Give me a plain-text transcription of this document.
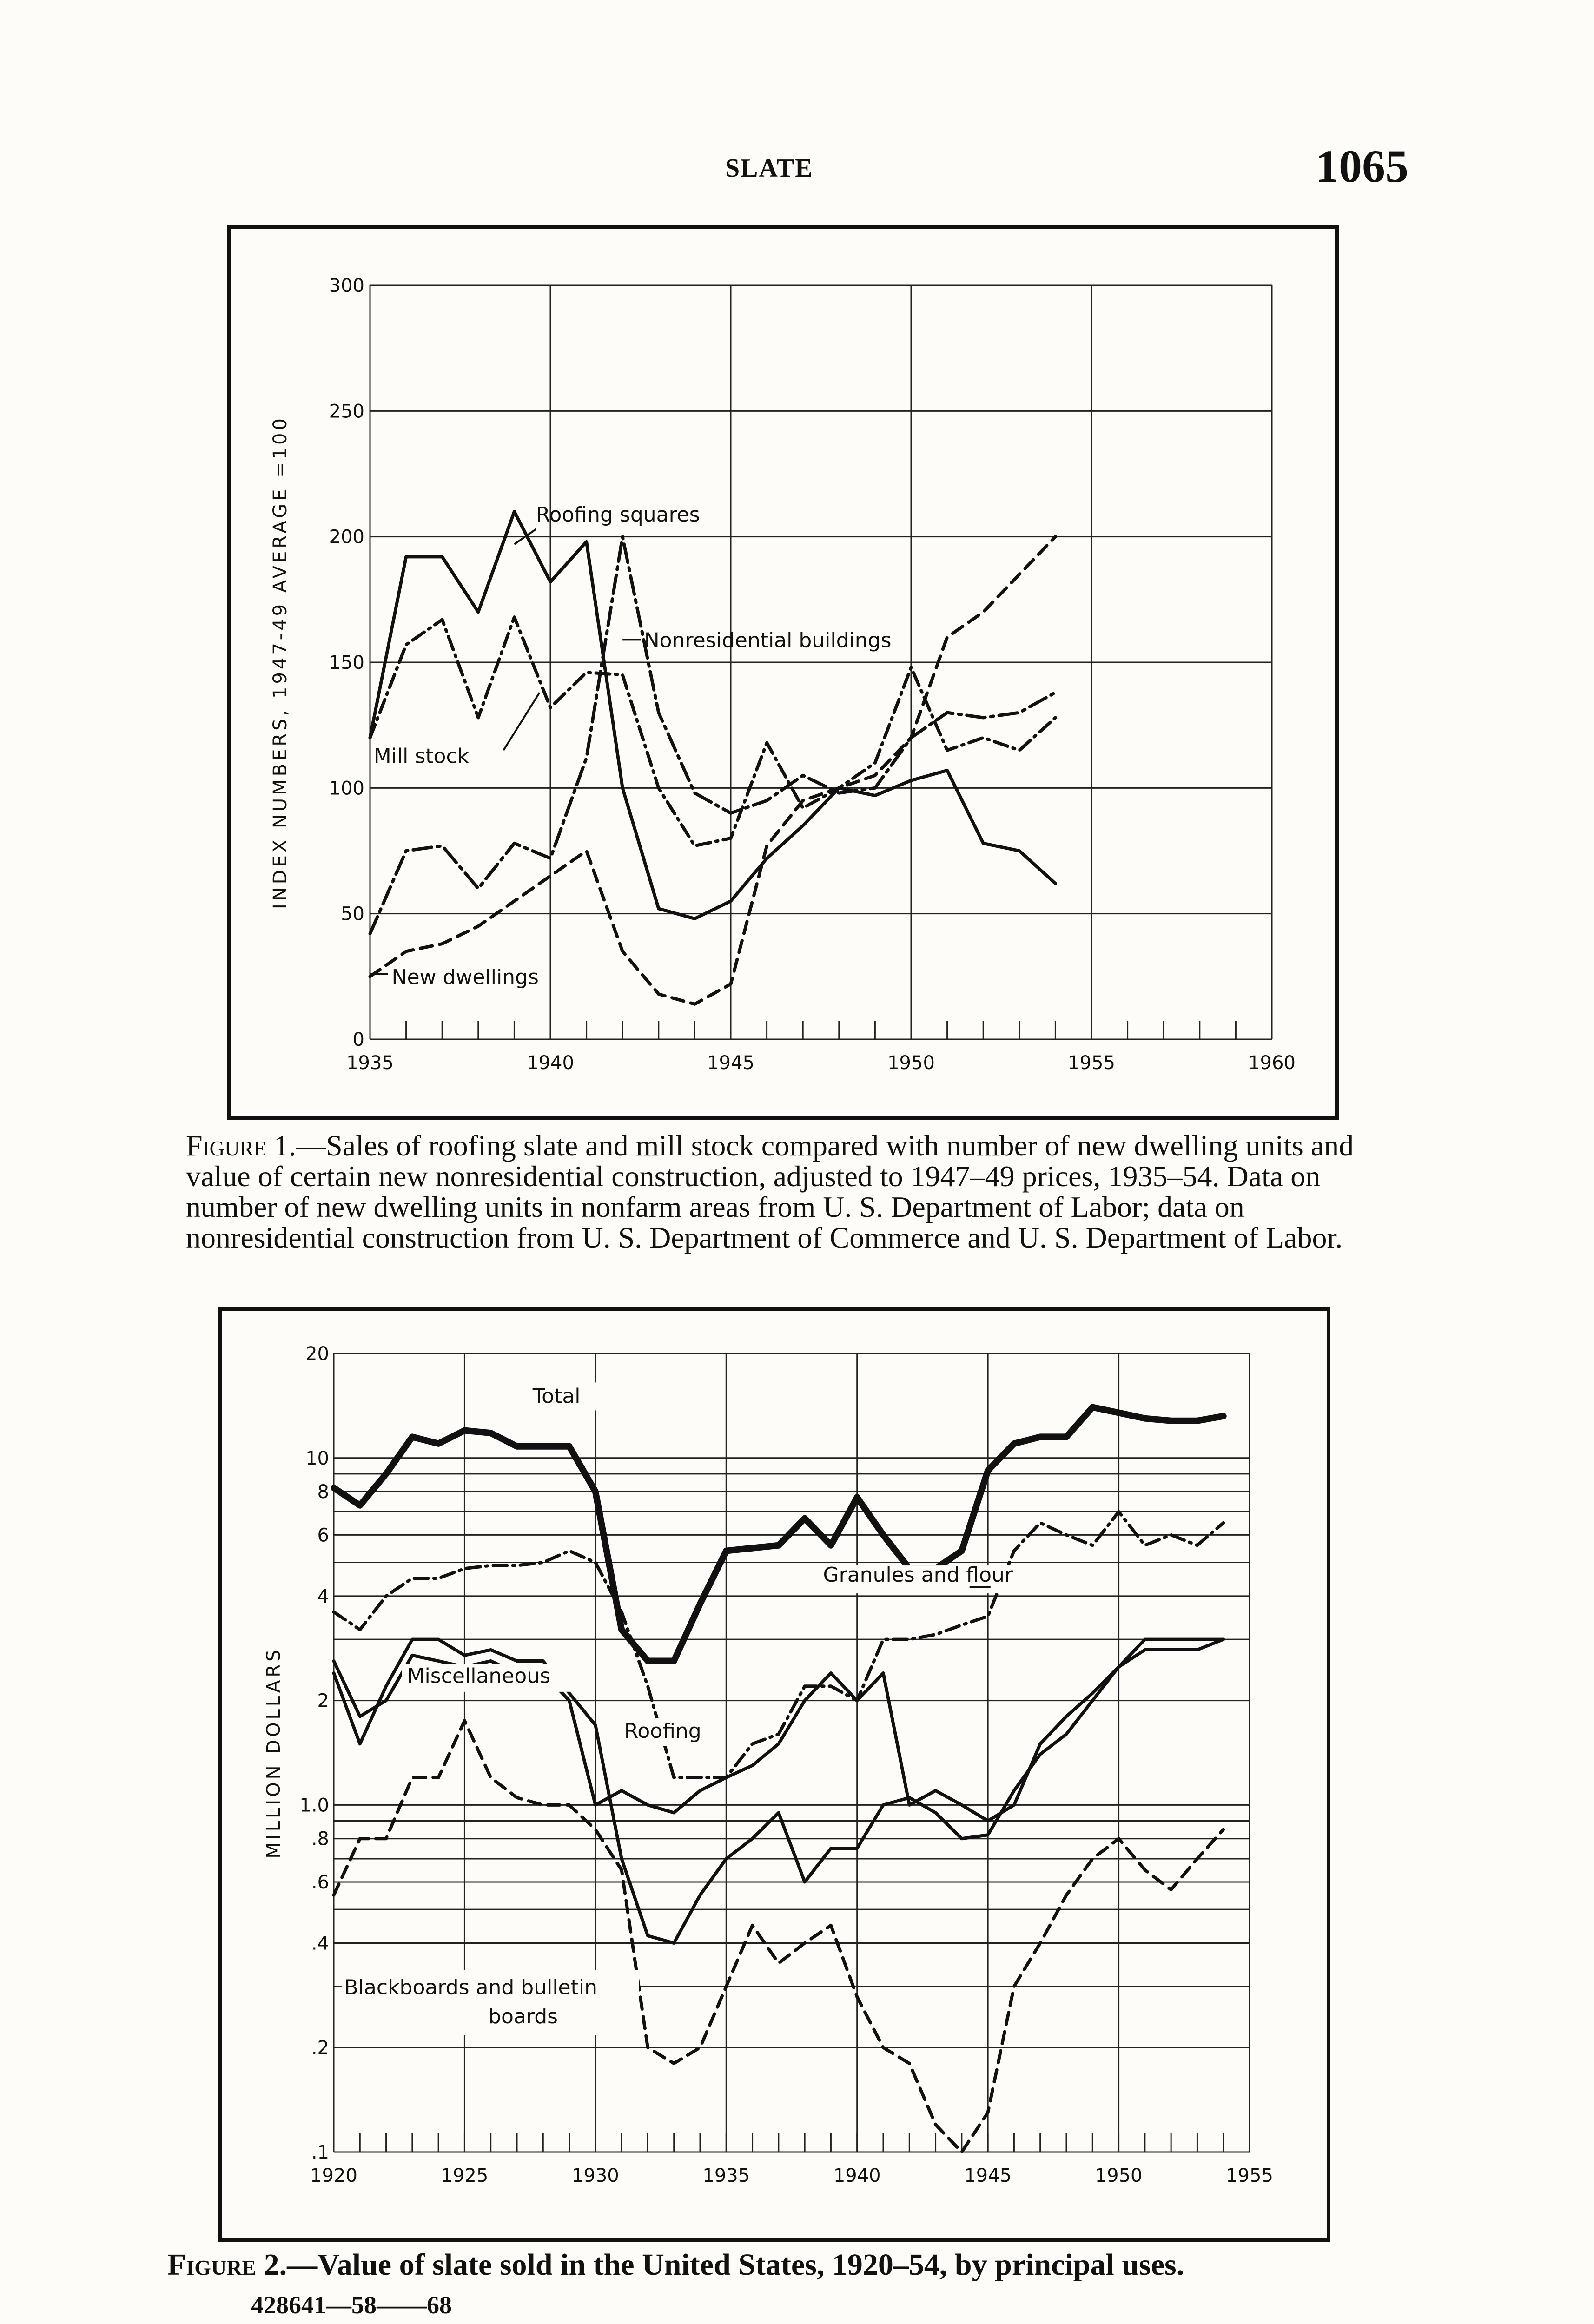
SLATE	1065
0
50
100
150
200
250
300
1935	1940	1945	1950	1955	1960
INDEX NUMBERS, 1947-49 AVERAGE =100	Roofing squares
Nonresidential buildings
Mill stock
New dwellings
Figure 1.—Sales of roofing slate and mill stock compared with number of new dwelling units and value of certain new nonresidential construction, adjusted to 1947–49 prices, 1935–54. Data on number of new dwelling units in nonfarm areas from U. S. Department of Labor; data on nonresidential construction from U. S. Department of Commerce and U. S. Department of Labor.
.1
.2
.4
.6
.8
1.0
2
4
6
8
10
20
1920	1925	1930	1935	1940	1945	1950	1955
MILLION DOLLARS
Granules and flour
Total
Miscellaneous
Roofing
Blackboards and bulletin
boards
Figure 2.—Value of slate sold in the United States, 1920–54, by principal uses.
428641—58——68
